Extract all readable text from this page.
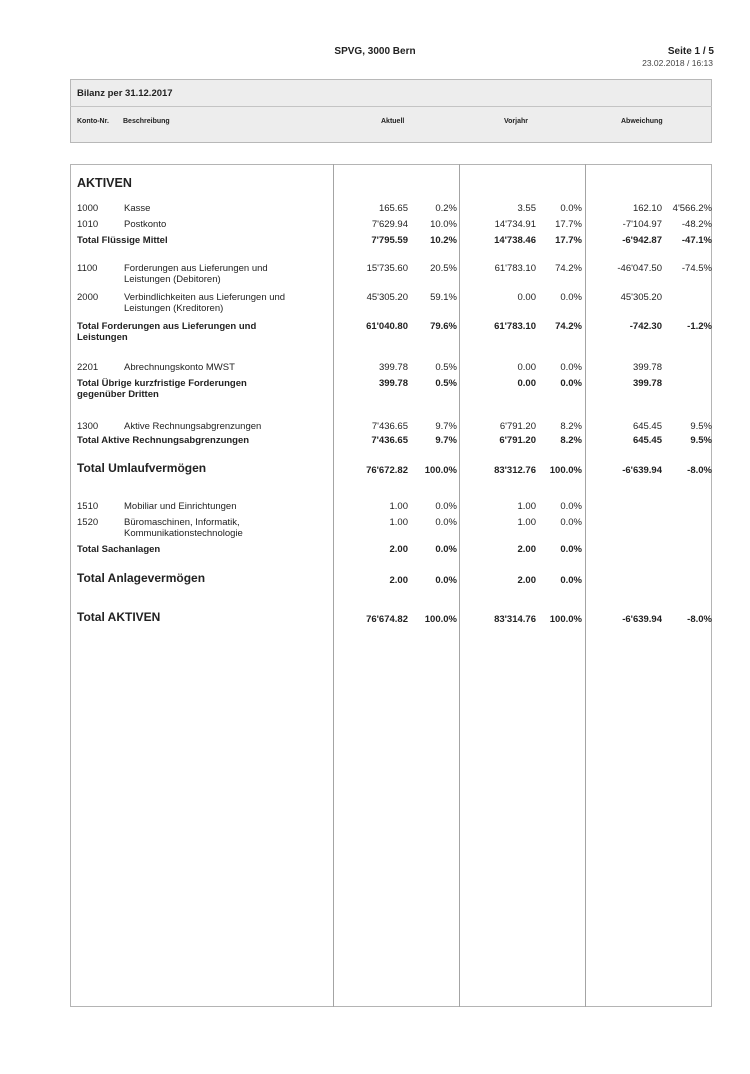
SPVG, 3000 Bern	Seite 1 / 5
23.02.2018 / 16:13
Bilanz per 31.12.2017
Konto-Nr. Beschreibung	Aktuell	Vorjahr	Abweichung
AKTIVEN
1000	Kasse	165.65	0.2%	3.55	0.0%	162.10 4'566.2%
1010	Postkonto	7'629.94 10.0%	14'734.91 17.7%	-7'104.97 -48.2%
Total Flüssige Mittel	7'795.59 10.2%	14'738.46 17.7%	-6'942.87 -47.1%
1100	Forderungen aus Lieferungen und
Leistungen (Debitoren)
15'735.60 20.5%	61'783.10 74.2%	-46'047.50 -74.5%
2000	Verbindlichkeiten aus Lieferungen und
Leistungen (Kreditoren)
45'305.20 59.1%	0.00	0.0%	45'305.20
Total Forderungen aus Lieferungen und
Leistungen
61'040.80 79.6%	61'783.10 74.2%	-742.30	-1.2%
2201	Abrechnungskonto MWST	399.78	0.5%	0.00	0.0%	399.78
Total Übrige kurzfristige Forderungen
gegenüber Dritten
399.78	0.5%	0.00	0.0%	399.78
1300	Aktive Rechnungsabgrenzungen	7'436.65	9.7%	6'791.20	8.2%	645.45	9.5%
Total Aktive Rechnungsabgrenzungen	7'436.65	9.7%	6'791.20	8.2%	645.45	9.5%
Total Umlaufvermögen	76'672.82 100.0%	83'312.76 100.0%	-6'639.94	-8.0%
1510	Mobiliar und Einrichtungen	1.00	0.0%	1.00	0.0%
1520	Büromaschinen, Informatik,
Kommunikationstechnologie
1.00	0.0%	1.00	0.0%
Total Sachanlagen	2.00	0.0%	2.00	0.0%
Total Anlagevermögen	2.00	0.0%	2.00	0.0%
Total AKTIVEN	76'674.82 100.0%	83'314.76 100.0%	-6'639.94	-8.0%
